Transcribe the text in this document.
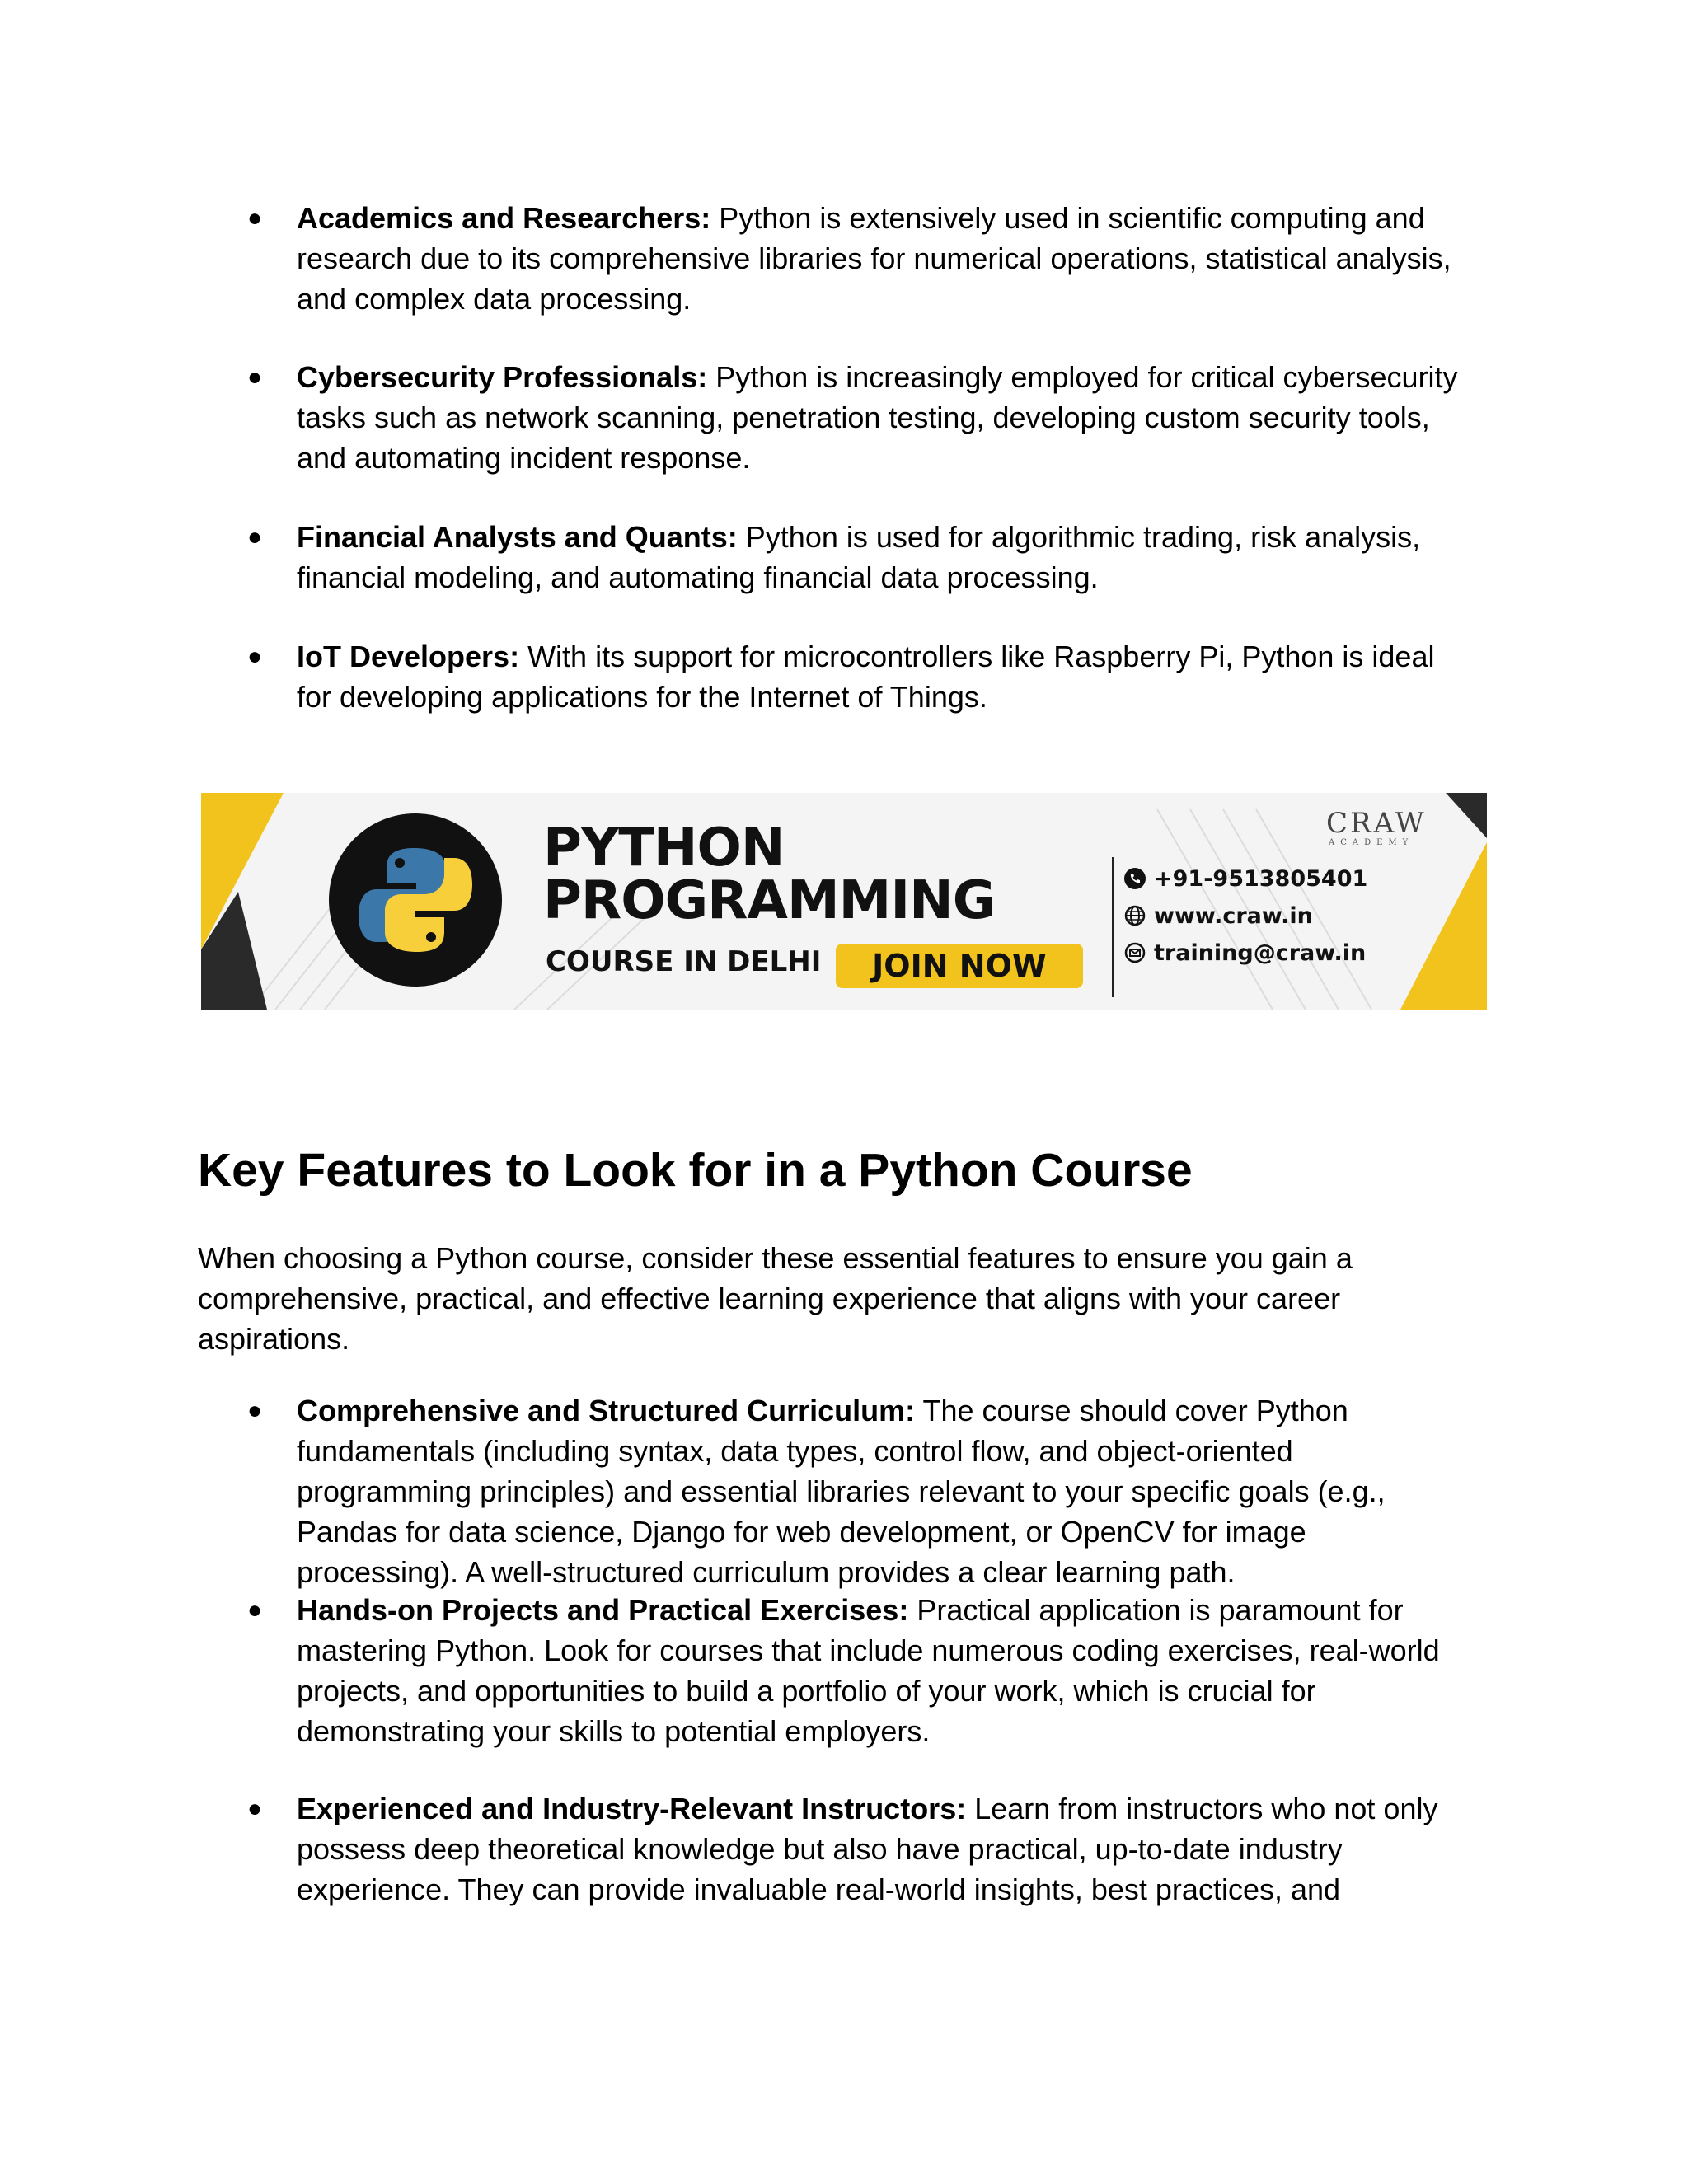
● Academics and Researchers: Python is extensively used in scientific computing and
research due to its comprehensive libraries for numerical operations, statistical analysis,
and complex data processing.
● Cybersecurity Professionals: Python is increasingly employed for critical cybersecurity
tasks such as network scanning, penetration testing, developing custom security tools,
and automating incident response.
● Financial Analysts and Quants: Python is used for algorithmic trading, risk analysis,
financial modeling, and automating financial data processing.
● IoT Developers: With its support for microcontrollers like Raspberry Pi, Python is ideal
for developing applications for the Internet of Things.
PYTHON
PROGRAMMING
COURSE IN DELHI	JOIN NOW
+91-9513805401
www.craw.in
training@craw.in
CRAW
ACADEMY
Key Features to Look for in a Python Course

When choosing a Python course, consider these essential features to ensure you gain a
comprehensive, practical, and effective learning experience that aligns with your career
aspirations.

● Comprehensive and Structured Curriculum: The course should cover Python
fundamentals (including syntax, data types, control flow, and object-oriented
programming principles) and essential libraries relevant to your specific goals (e.g.,
Pandas for data science, Django for web development, or OpenCV for image
processing). A well-structured curriculum provides a clear learning path.
● Hands-on Projects and Practical Exercises: Practical application is paramount for
mastering Python. Look for courses that include numerous coding exercises, real-world
projects, and opportunities to build a portfolio of your work, which is crucial for
demonstrating your skills to potential employers.
● Experienced and Industry-Relevant Instructors: Learn from instructors who not only
possess deep theoretical knowledge but also have practical, up-to-date industry
experience. They can provide invaluable real-world insights, best practices, and
